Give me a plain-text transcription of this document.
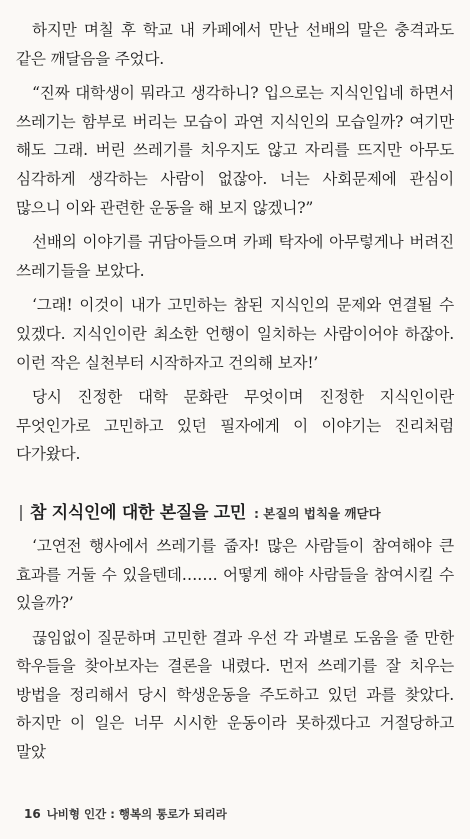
하지만 며칠 후 학교 내 카페에서 만난 선배의 말은 충격과도 같은 깨달음을 주었다.

“진짜 대학생이 뭐라고 생각하니? 입으로는 지식인입네 하면서 쓰레기는 함부로 버리는 모습이 과연 지식인의 모습일까? 여기만 해도 그래. 버린 쓰레기를 치우지도 않고 자리를 뜨지만 아무도 심각하게 생각하는 사람이 없잖아. 너는 사회문제에 관심이 많으니 이와 관련한 운동을 해 보지 않겠니?”

선배의 이야기를 귀담아들으며 카페 탁자에 아무렇게나 버려진 쓰레기들을 보았다.

‘그래! 이것이 내가 고민하는 참된 지식인의 문제와 연결될 수 있겠다. 지식인이란 최소한 언행이 일치하는 사람이어야 하잖아. 이런 작은 실천부터 시작하자고 건의해 보자!’

당시 진정한 대학 문화란 무엇이며 진정한 지식인이란 무엇인가로 고민하고 있던 필자에게 이 이야기는 진리처럼 다가왔다.

참 지식인에 대한 본질을 고민 : 본질의 법칙을 깨닫다

‘고연전 행사에서 쓰레기를 줍자! 많은 사람들이 참여해야 큰 효과를 거둘 수 있을텐데……. 어떻게 해야 사람들을 참여시킬 수 있을까?’

끊임없이 질문하며 고민한 결과 우선 각 과별로 도움을 줄 만한 학우들을 찾아보자는 결론을 내렸다. 먼저 쓰레기를 잘 치우는 방법을 정리해서 당시 학생운동을 주도하고 있던 과를 찾았다. 하지만 이 일은 너무 시시한 운동이라 못하겠다고 거절당하고 말았

16 나비형 인간 : 행복의 통로가 되리라
